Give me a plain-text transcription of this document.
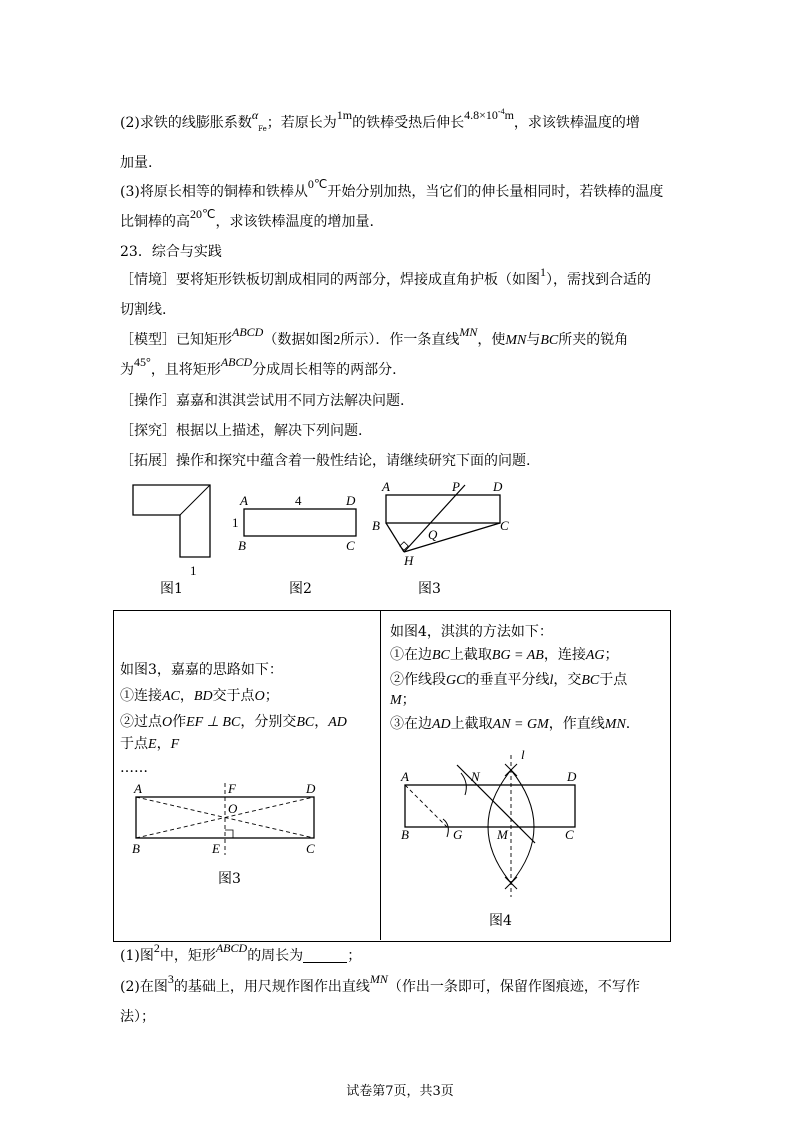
(2)求铁的线膨胀系数$\alpha_{Fe}$；若原长为1m的铁棒受热后伸长$4.8\times 10^{-4}m$，求该铁棒温度的增
加量.
(3)将原长相等的铜棒和铁棒从0℃开始分别加热，当它们的伸长量相同时，若铁棒的温度
比铜棒的高20℃，求该铁棒温度的增加量.
23．综合与实践
［情境］要将矩形铁板切割成相同的两部分，焊接成直角护板（如图1），需找到合适的
切割线.
［模型］已知矩形ABCD（数据如图2所示）．作一条直线MN，使MN与BC所夹的锐角
为45°，且将矩形ABCD分成周长相等的两部分.
［操作］嘉嘉和淇淇尝试用不同方法解决问题.
［探究］根据以上描述，解决下列问题.
［拓展］操作和探究中蕴含着一般性结论，请继续研究下面的问题.
1
图1
A	4	D
1
B	C
图2
A	P	D
B
Q
C
H
图3
如图3，嘉嘉的思路如下：
①连接AC，BD交于点O；
②过点O作EF ⊥ BC，分别交BC，AD
于点E，F
……
A	F	D
O
B	E	C
图3
如图4，淇淇的方法如下：
①在边BC上截取BG = AB，连接AG；
②作线段GC的垂直平分线l，交BC于点
M；
③在边AD上截取AN = GM，作直线MN.
l
A	N	D
B	G	M	C
图4
(1)图2中，矩形ABCD的周长为	；
(2)在图3的基础上，用尺规作图作出直线MN（作出一条即可，保留作图痕迹，不写作
法）；
试卷第7页，共3页
